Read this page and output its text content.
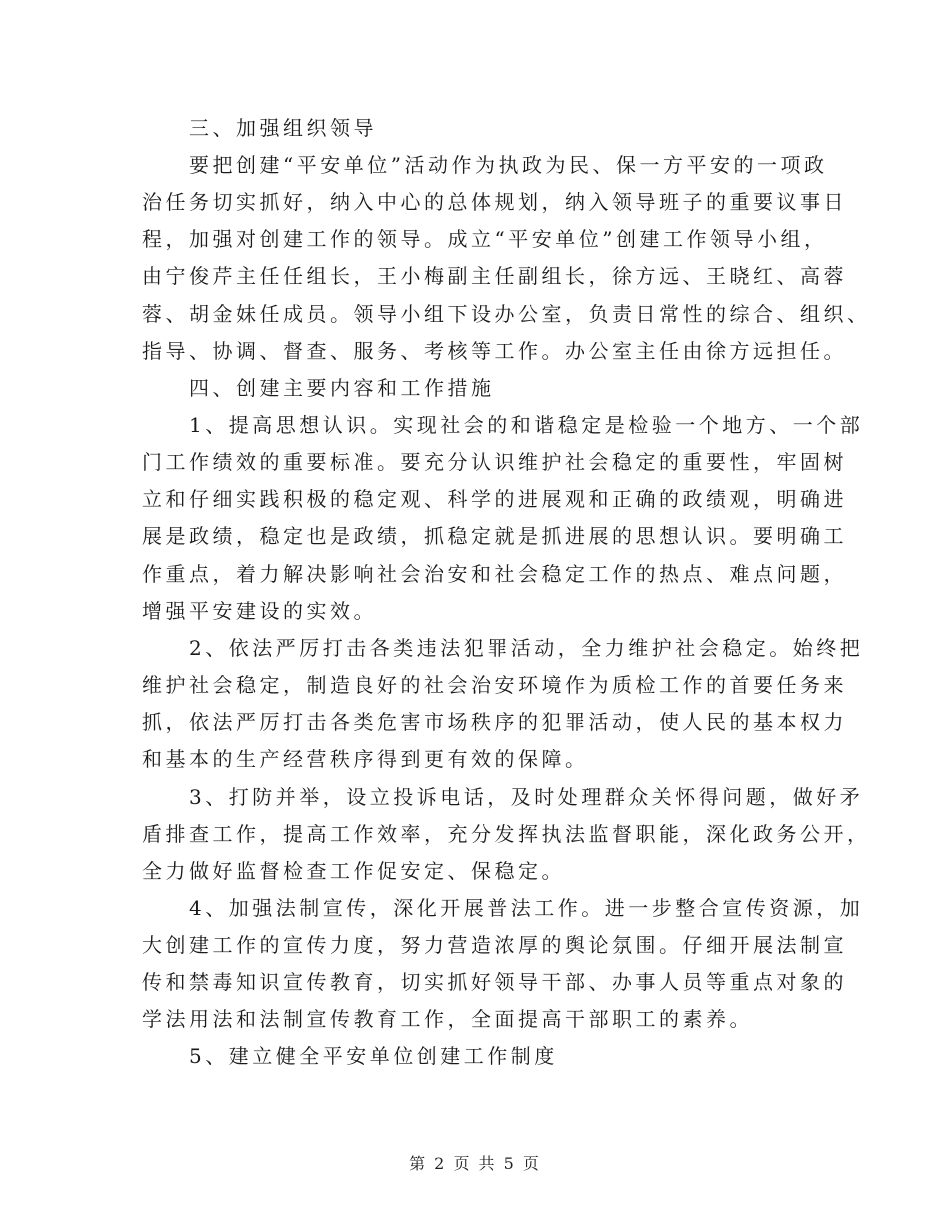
三、加强组织领导
要把创建“平安单位”活动作为执政为民、保一方平安的一项政
治任务切实抓好，纳入中心的总体规划，纳入领导班子的重要议事日
程，加强对创建工作的领导。成立“平安单位”创建工作领导小组，
由宁俊芹主任任组长，王小梅副主任副组长，徐方远、王晓红、高蓉
蓉、胡金妹任成员。领导小组下设办公室，负责日常性的综合、组织、
指导、协调、督查、服务、考核等工作。办公室主任由徐方远担任。
四、创建主要内容和工作措施
1、提高思想认识。实现社会的和谐稳定是检验一个地方、一个部
门工作绩效的重要标准。要充分认识维护社会稳定的重要性，牢固树
立和仔细实践积极的稳定观、科学的进展观和正确的政绩观，明确进
展是政绩，稳定也是政绩，抓稳定就是抓进展的思想认识。要明确工
作重点，着力解决影响社会治安和社会稳定工作的热点、难点问题，
增强平安建设的实效。
2、依法严厉打击各类违法犯罪活动，全力维护社会稳定。始终把
维护社会稳定，制造良好的社会治安环境作为质检工作的首要任务来
抓，依法严厉打击各类危害市场秩序的犯罪活动，使人民的基本权力
和基本的生产经营秩序得到更有效的保障。
3、打防并举，设立投诉电话，及时处理群众关怀得问题，做好矛
盾排查工作，提高工作效率，充分发挥执法监督职能，深化政务公开，
全力做好监督检查工作促安定、保稳定。
4、加强法制宣传，深化开展普法工作。进一步整合宣传资源，加
大创建工作的宣传力度，努力营造浓厚的舆论氛围。仔细开展法制宣
传和禁毒知识宣传教育，切实抓好领导干部、办事人员等重点对象的
学法用法和法制宣传教育工作，全面提高干部职工的素养。
5、建立健全平安单位创建工作制度
第 2 页 共 5 页
